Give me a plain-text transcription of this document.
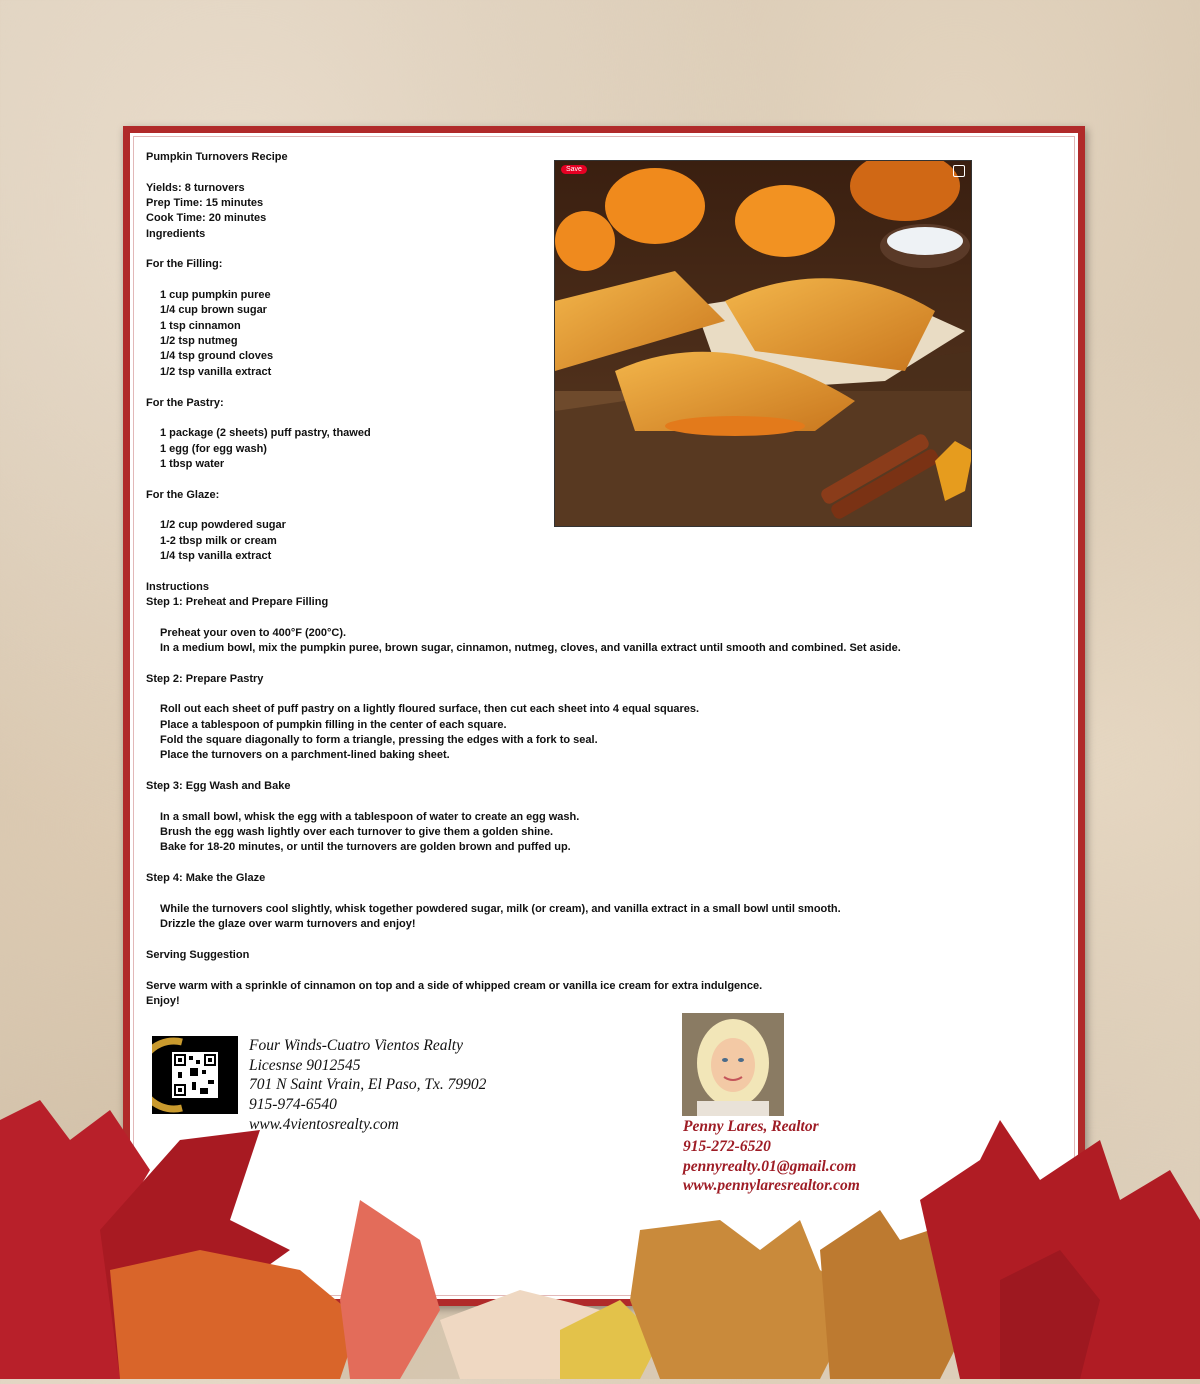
Pumpkin Turnovers Recipe

Yields: 8 turnovers

Prep Time: 15 minutes

Cook Time: 20 minutes

Ingredients

For the Filling:

1 cup pumpkin puree

1/4 cup brown sugar

1 tsp cinnamon

1/2 tsp nutmeg

1/4 tsp ground cloves

1/2 tsp vanilla extract

For the Pastry:

1 package (2 sheets) puff pastry, thawed

1 egg (for egg wash)

1 tbsp water

For the Glaze:

1/2 cup powdered sugar

1-2 tbsp milk or cream

1/4 tsp vanilla extract

Instructions

Step 1: Preheat and Prepare Filling

Preheat your oven to 400°F (200°C).

In a medium bowl, mix the pumpkin puree, brown sugar, cinnamon, nutmeg, cloves, and vanilla extract until smooth and combined. Set aside.

Step 2: Prepare Pastry

Roll out each sheet of puff pastry on a lightly floured surface, then cut each sheet into 4 equal squares.

Place a tablespoon of pumpkin filling in the center of each square.

Fold the square diagonally to form a triangle, pressing the edges with a fork to seal.

Place the turnovers on a parchment-lined baking sheet.

Step 3: Egg Wash and Bake

In a small bowl, whisk the egg with a tablespoon of water to create an egg wash.

Brush the egg wash lightly over each turnover to give them a golden shine.

Bake for 18-20 minutes, or until the turnovers are golden brown and puffed up.

Step 4: Make the Glaze

While the turnovers cool slightly, whisk together powdered sugar, milk (or cream), and vanilla extract in a small bowl until smooth.

Drizzle the glaze over warm turnovers and enjoy!

Serving Suggestion

Serve warm with a sprinkle of cinnamon on top and a side of whipped cream or vanilla ice cream for extra indulgence.

Enjoy!

Save

Four Winds-Cuatro Vientos Realty

Licesnse 9012545

701 N Saint Vrain, El Paso, Tx. 79902

915-974-6540

www.4vientosrealty.com	Penny Lares, Realtor

915-272-6520

pennyrealty.01@gmail.com

www.pennylaresrealtor.com
